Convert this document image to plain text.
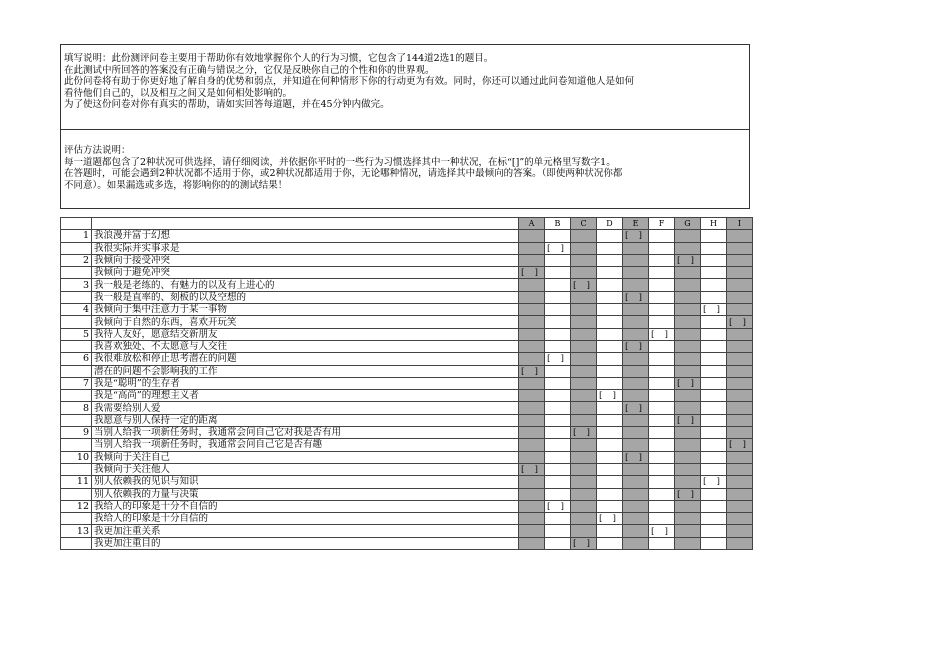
填写说明：此份测评问卷主要用于帮助你有效地掌握你个人的行为习惯，它包含了144道2选1的题目。
在此测试中所回答的答案没有正确与错误之分，它仅是反映你自己的个性和你的世界观。
此份问卷将有助于你更好地了解自身的优势和弱点，并知道在何种情形下你的行动更为有效。同时，你还可以通过此问卷知道他人是如何
看待他们自己的，以及相互之间又是如何相处影响的。
为了使这份问卷对你有真实的帮助，请如实回答每道题，并在45分钟内做完。
评估方法说明：
每一道题都包含了2种状况可供选择，请仔细阅读，并依据你平时的一些行为习惯选择其中一种状况，在标“[]”的单元格里写数字1。
在答题时，可能会遇到2种状况都不适用于你，或2种状况都适用于你，无论哪种情况，请选择其中最倾向的答案。（即使两种状况你都
不同意）。如果漏选或多选，将影响你的的测试结果！
		A	B	C	D	E	F	G	H	I
1	我浪漫并富于幻想					[ ]				
	我很实际并实事求是		[ ]							
2	我倾向于接受冲突							[ ]		
	我倾向于避免冲突	[ ]								
3	我一般是老练的、有魅力的以及有上进心的			[ ]						
	我一般是直率的、刻板的以及空想的					[ ]				
4	我倾向于集中注意力于某一事物								[ ]	
	我倾向于自然的东西，喜欢开玩笑									[ ]
5	我待人友好，愿意结交新朋友						[ ]			
	我喜欢独处、不太愿意与人交往					[ ]				
6	我很难放松和停止思考潜在的问题		[ ]							
	潜在的问题不会影响我的工作	[ ]								
7	我是“聪明”的生存者							[ ]		
	我是“高尚”的理想主义者				[ ]					
8	我需要给别人爱					[ ]				
	我愿意与别人保持一定的距离							[ ]		
9	当别人给我一项新任务时，我通常会问自己它对我是否有用			[ ]						
	当别人给我一项新任务时，我通常会问自己它是否有趣									[ ]
10	我倾向于关注自己					[ ]				
	我倾向于关注他人	[ ]								
11	别人依赖我的见识与知识								[ ]	
	别人依赖我的力量与决策							[ ]		
12	我给人的印象是十分不自信的		[ ]							
	我给人的印象是十分自信的				[ ]					
13	我更加注重关系						[ ]			
	我更加注重目的			[ ]						
